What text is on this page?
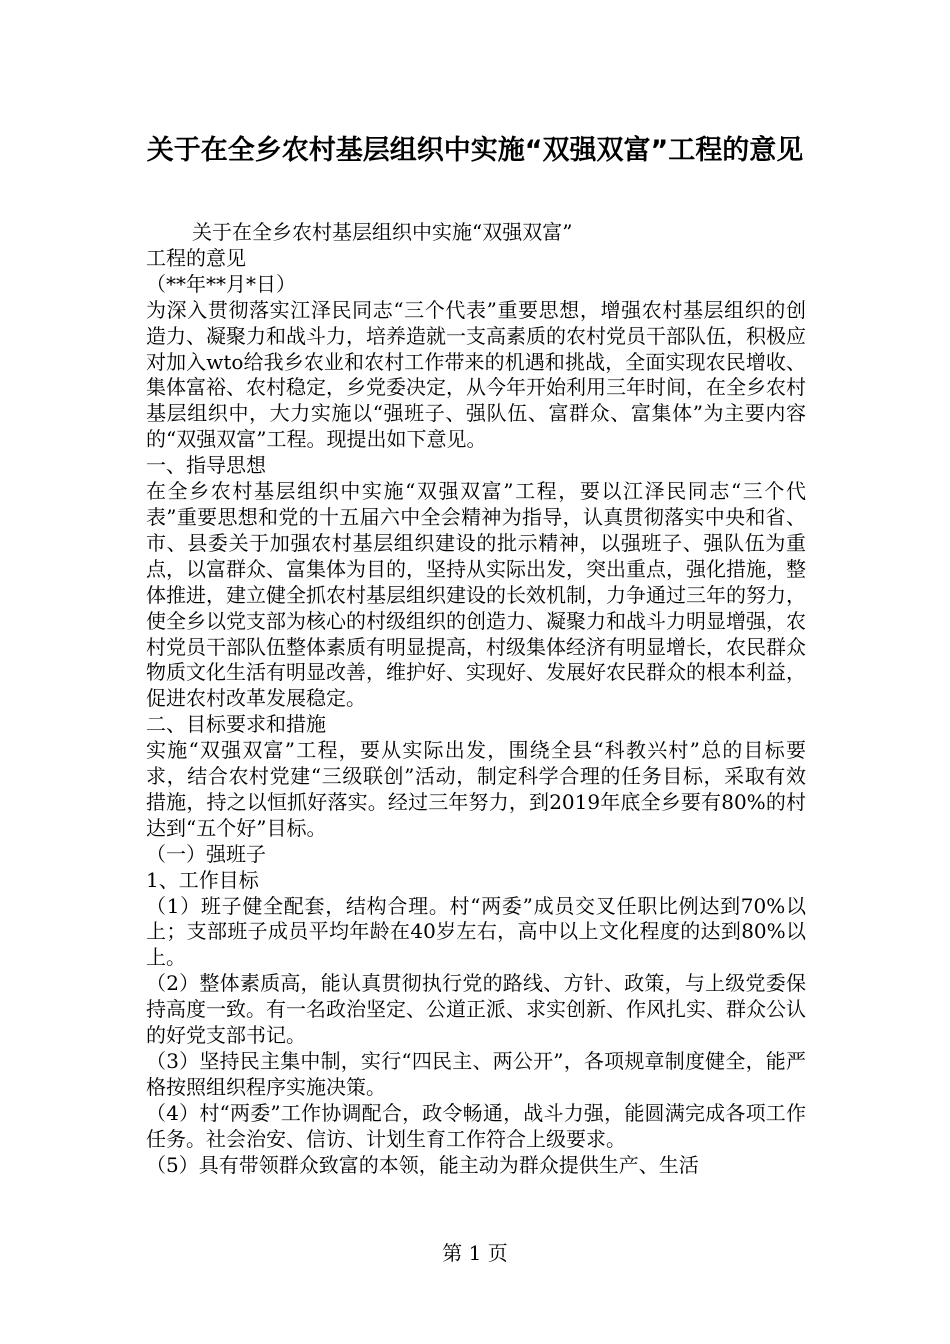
关于在全乡农村基层组织中实施“双强双富”工程的意见

关于在全乡农村基层组织中实施“双强双富”

工程的意见

（**年**月*日）

为深入贯彻落实江泽民同志“三个代表”重要思想，增强农村基层组织的创造力、凝聚力和战斗力，培养造就一支高素质的农村党员干部队伍，积极应对加入wto给我乡农业和农村工作带来的机遇和挑战，全面实现农民增收、集体富裕、农村稳定，乡党委决定，从今年开始利用三年时间，在全乡农村基层组织中，大力实施以“强班子、强队伍、富群众、富集体”为主要内容的“双强双富”工程。现提出如下意见。

一、指导思想

在全乡农村基层组织中实施“双强双富”工程，要以江泽民同志“三个代表”重要思想和党的十五届六中全会精神为指导，认真贯彻落实中央和省、市、县委关于加强农村基层组织建设的批示精神，以强班子、强队伍为重点，以富群众、富集体为目的，坚持从实际出发，突出重点，强化措施，整体推进，建立健全抓农村基层组织建设的长效机制，力争通过三年的努力，使全乡以党支部为核心的村级组织的创造力、凝聚力和战斗力明显增强，农村党员干部队伍整体素质有明显提高，村级集体经济有明显增长，农民群众物质文化生活有明显改善，维护好、实现好、发展好农民群众的根本利益，促进农村改革发展稳定。

二、目标要求和措施

实施“双强双富”工程，要从实际出发，围绕全县“科教兴村”总的目标要求，结合农村党建“三级联创”活动，制定科学合理的任务目标，采取有效措施，持之以恒抓好落实。经过三年努力，到2019年底全乡要有80%的村达到“五个好”目标。

（一）强班子

1、工作目标

（1）班子健全配套，结构合理。村“两委”成员交叉任职比例达到70%以上；支部班子成员平均年龄在40岁左右，高中以上文化程度的达到80%以上。

（2）整体素质高，能认真贯彻执行党的路线、方针、政策，与上级党委保持高度一致。有一名政治坚定、公道正派、求实创新、作风扎实、群众公认的好党支部书记。

（3）坚持民主集中制，实行“四民主、两公开”，各项规章制度健全，能严格按照组织程序实施决策。

（4）村“两委”工作协调配合，政令畅通，战斗力强，能圆满完成各项工作任务。社会治安、信访、计划生育工作符合上级要求。

（5）具有带领群众致富的本领，能主动为群众提供生产、生活

第 1 页
